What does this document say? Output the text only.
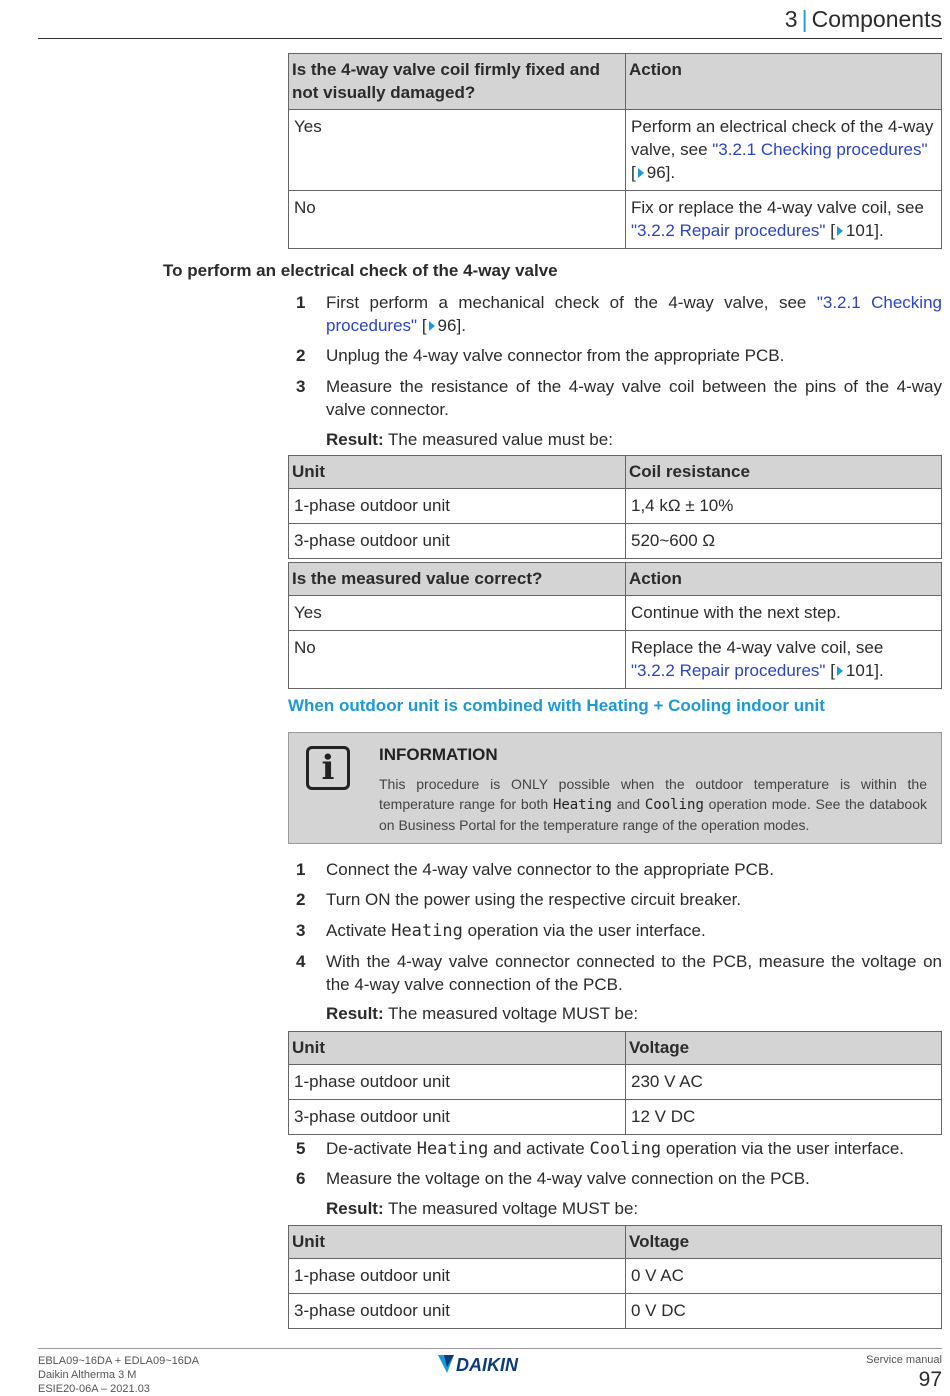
3 | Components
Is the 4-way valve coil firmly fixed and not visually damaged?	Action
Yes	Perform an electrical check of the 4-way valve, see "3.2.1 Checking procedures" [ 96].
No	Fix or replace the 4-way valve coil, see "3.2.2 Repair procedures" [ 101].
To perform an electrical check of the 4-way valve
1 First perform a mechanical check of the 4-way valve, see "3.2.1 Checking procedures" [ 96].
2 Unplug the 4-way valve connector from the appropriate PCB.
3 Measure the resistance of the 4-way valve coil between the pins of the 4-way valve connector.
Result: The measured value must be:
Unit	Coil resistance
1-phase outdoor unit	1,4 kΩ ± 10%
3-phase outdoor unit	520~600 Ω
Is the measured value correct?	Action
Yes	Continue with the next step.
No	Replace the 4-way valve coil, see
"3.2.2 Repair procedures" [ 101].
When outdoor unit is combined with Heating + Cooling indoor unit
i	INFORMATION
This procedure is ONLY possible when the outdoor temperature is within the temperature range for both Heating and Cooling operation mode. See the databook on Business Portal for the temperature range of the operation modes.
1 Connect the 4-way valve connector to the appropriate PCB.
2 Turn ON the power using the respective circuit breaker.
3 Activate Heating operation via the user interface.
4 With the 4-way valve connector connected to the PCB, measure the voltage on the 4-way valve connection of the PCB.
Result: The measured voltage MUST be:
Unit	Voltage
1-phase outdoor unit	230 V AC
3-phase outdoor unit	12 V DC
5 De-activate Heating and activate Cooling operation via the user interface.
6 Measure the voltage on the 4-way valve connection on the PCB.
Result: The measured voltage MUST be:
Unit	Voltage
1-phase outdoor unit	0 V AC
3-phase outdoor unit	0 V DC
EBLA09~16DA + EDLA09~16DA
Daikin Altherma 3 M
ESIE20-06A – 2021.03
DAIKIN	Service manual
97
